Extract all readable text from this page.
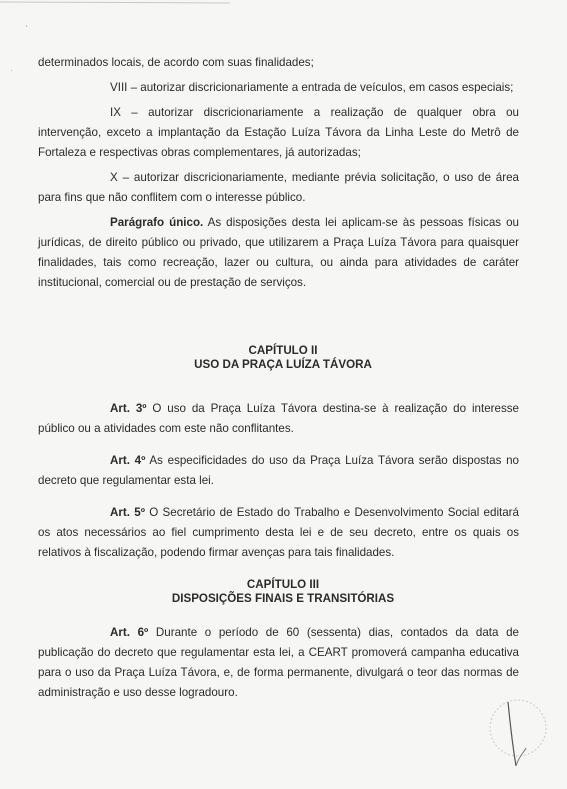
'
·

determinados locais, de acordo com suas finalidades;

VIII – autorizar discricionariamente a entrada de veículos, em casos especiais;

IX – autorizar discricionariamente a realização de qualquer obra ou intervenção, exceto a implantação da Estação Luíza Távora da Linha Leste do Metrô de Fortaleza e respectivas obras complementares, já autorizadas;

X – autorizar discricionariamente, mediante prévia solicitação, o uso de área para fins que não conflitem com o interesse público.

Parágrafo único. As disposições desta lei aplicam-se às pessoas físicas ou jurídicas, de direito público ou privado, que utilizarem a Praça Luíza Távora para quaisquer finalidades, tais como recreação, lazer ou cultura, ou ainda para atividades de caráter institucional, comercial ou de prestação de serviços.

CAPÍTULO II
USO DA PRAÇA LUÍZA TÁVORA

Art. 3º O uso da Praça Luíza Távora destina-se à realização do interesse público ou a atividades com este não conflitantes.

Art. 4º As especificidades do uso da Praça Luíza Távora serão dispostas no decreto que regulamentar esta lei.

Art. 5º O Secretário de Estado do Trabalho e Desenvolvimento Social editará os atos necessários ao fiel cumprimento desta lei e de seu decreto, entre os quais os relativos à fiscalização, podendo firmar avenças para tais finalidades.

CAPÍTULO III
DISPOSIÇÕES FINAIS E TRANSITÓRIAS

Art. 6º Durante o período de 60 (sessenta) dias, contados da data de publicação do decreto que regulamentar esta lei, a CEART promoverá campanha educativa para o uso da Praça Luíza Távora, e, de forma permanente, divulgará o teor das normas de administração e uso desse logradouro.
